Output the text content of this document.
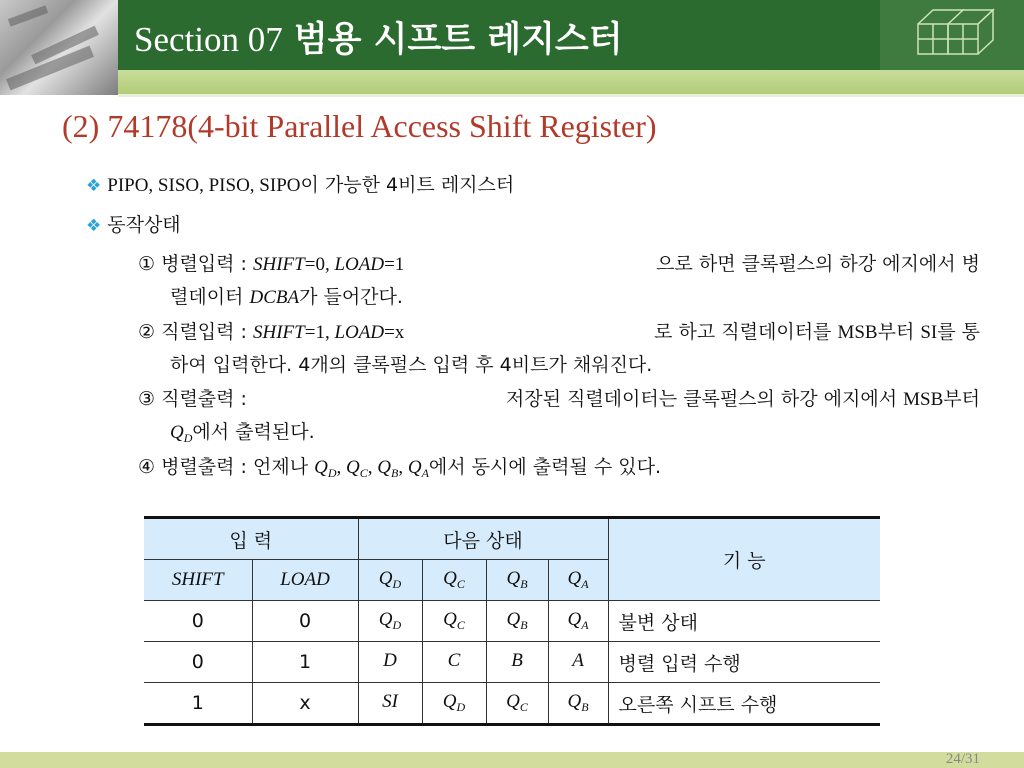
Section 07 범용 시프트 레지스터
(2) 74178(4-bit Parallel Access Shift Register)
❖ PIPO, SISO, PISO, SIPO이 가능한 4비트 레지스터
❖ 동작상태
① 병렬입력 : SHIFT=0, LOAD=1	으로 하면 클록펄스의 하강 에지에서 병
렬데이터 DCBA가 들어간다.
② 직렬입력 : SHIFT=1, LOAD=x	로 하고 직렬데이터를 MSB부터 SI를 통
하여 입력한다. 4개의 클록펄스 입력 후 4비트가 채워진다.
③ 직렬출력 :	저장된 직렬데이터는 클록펄스의 하강 에지에서 MSB부터
$Q_D$에서 출력된다.
④ 병렬출력 : 언제나 $Q_D$, $Q_C$, $Q_B$, $Q_A$에서 동시에 출력될 수 있다.
입 력		다음 상태				기 능
SHIFT	LOAD	$Q_D$	$Q_C$	$Q_B$	$Q_A$
0	0	$Q_D$	$Q_C$	$Q_B$	$Q_A$	불변 상태
0	1	D	C	B	A	병렬 입력 수행
1	x	SI	$Q_D$	$Q_C$	$Q_B$	오른쪽 시프트 수행
24/31
